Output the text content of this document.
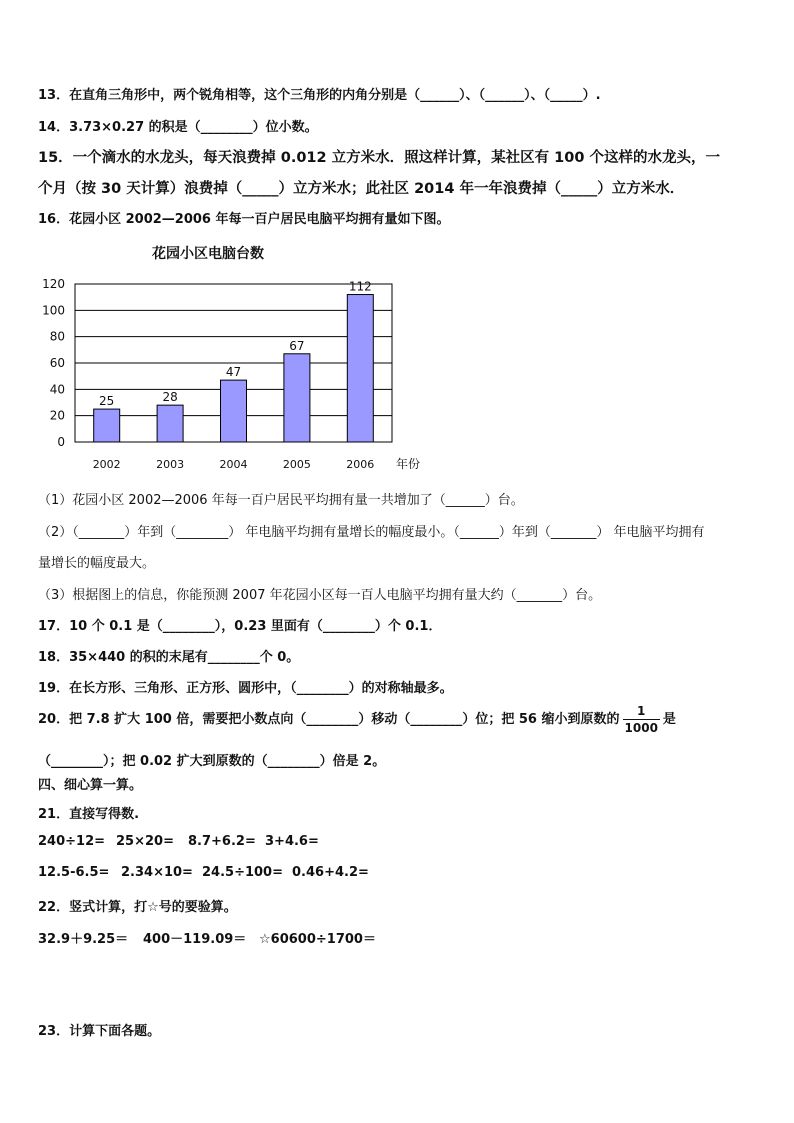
13．在直角三角形中，两个锐角相等，这个三角形的内角分别是（______）、（______）、（_____）.
14．3.73×0.27 的积是（________）位小数。
15．一个滴水的水龙头，每天浪费掉 0.012 立方米水．照这样计算，某社区有 100 个这样的水龙头，一
个月（按 30 天计算）浪费掉（_____）立方米水；此社区 2014 年一年浪费掉（_____）立方米水．
16．花园小区 2002—2006 年每一百户居民电脑平均拥有量如下图。
花园小区电脑台数
0
20
40
60
80
100
120
25
2002
28
2003
47
2004
67
2005
112
2006 年份
（1）花园小区 2002—2006 年每一百户居民平均拥有量一共增加了（______）台。
（2）（_______）年到（________） 年电脑平均拥有量增长的幅度最小。（______）年到（_______） 年电脑平均拥有
量增长的幅度最大。
（3）根据图上的信息，你能预测 2007 年花园小区每一百人电脑平均拥有量大约（_______）台。
17．10 个 0.1 是（________），0.23 里面有（________）个 0.1．
18．35×440 的积的末尾有________个 0。
19．在长方形、三角形、正方形、圆形中，（________）的对称轴最多。
20．把 7.8 扩大 100 倍，需要把小数点向（________）移动（________）位；把 56 缩小到原数的 $\frac{1}{1000}$ 是
（________）；把 0.02 扩大到原数的（________）倍是 2。
四、细心算一算。
21．直接写得数.
240÷12= 25×20= 8.7+6.2= 3+4.6=
12.5-6.5= 2.34×10= 24.5÷100= 0.46+4.2=
22．竖式计算，打☆号的要验算。
32.9＋9.25＝ 400－119.09＝ ☆60600÷1700＝
23．计算下面各题。
